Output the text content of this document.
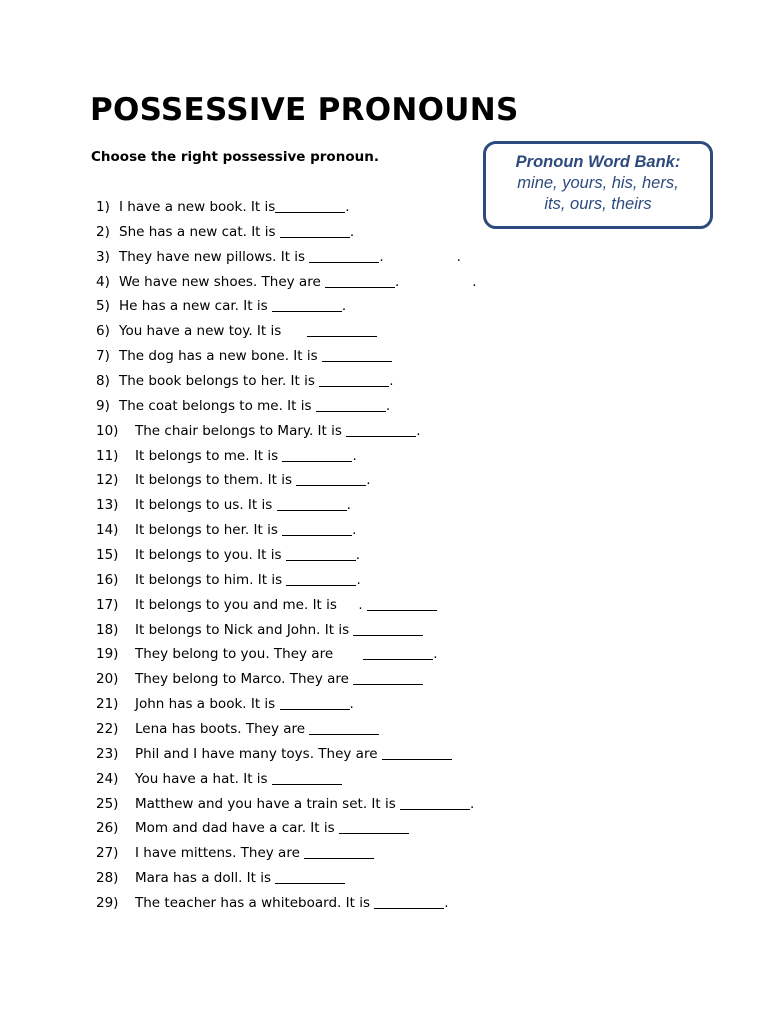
POSSESSIVE PRONOUNS
Choose the right possessive pronoun.	Pronoun Word Bank:
mine, yours, his, hers,
its, ours, theirs
1) I have a new book. It is	.
2) She has a new cat. It is	.
3) They have new pillows. It is	.                 .
4) We have new shoes. They are	.                 .
5) He has a new car. It is	.
6) You have a new toy. It is
7) The dog has a new bone. It is
8) The book belongs to her. It is	.
9) The coat belongs to me. It is	.
10) The chair belongs to Mary. It is	.
11) It belongs to me. It is	.
12) It belongs to them. It is	.
13) It belongs to us. It is	.
14) It belongs to her. It is	.
15) It belongs to you. It is	.
16) It belongs to him. It is	.
17) It belongs to you and me. It is     .
18) It belongs to Nick and John. It is
19) They belong to you. They are	.
20) They belong to Marco. They are
21) John has a book. It is	.
22) Lena has boots. They are
23) Phil and I have many toys. They are
24) You have a hat. It is
25) Matthew and you have a train set. It is	.
26) Mom and dad have a car. It is
27) I have mittens. They are
28) Mara has a doll. It is
29) The teacher has a whiteboard. It is	.
